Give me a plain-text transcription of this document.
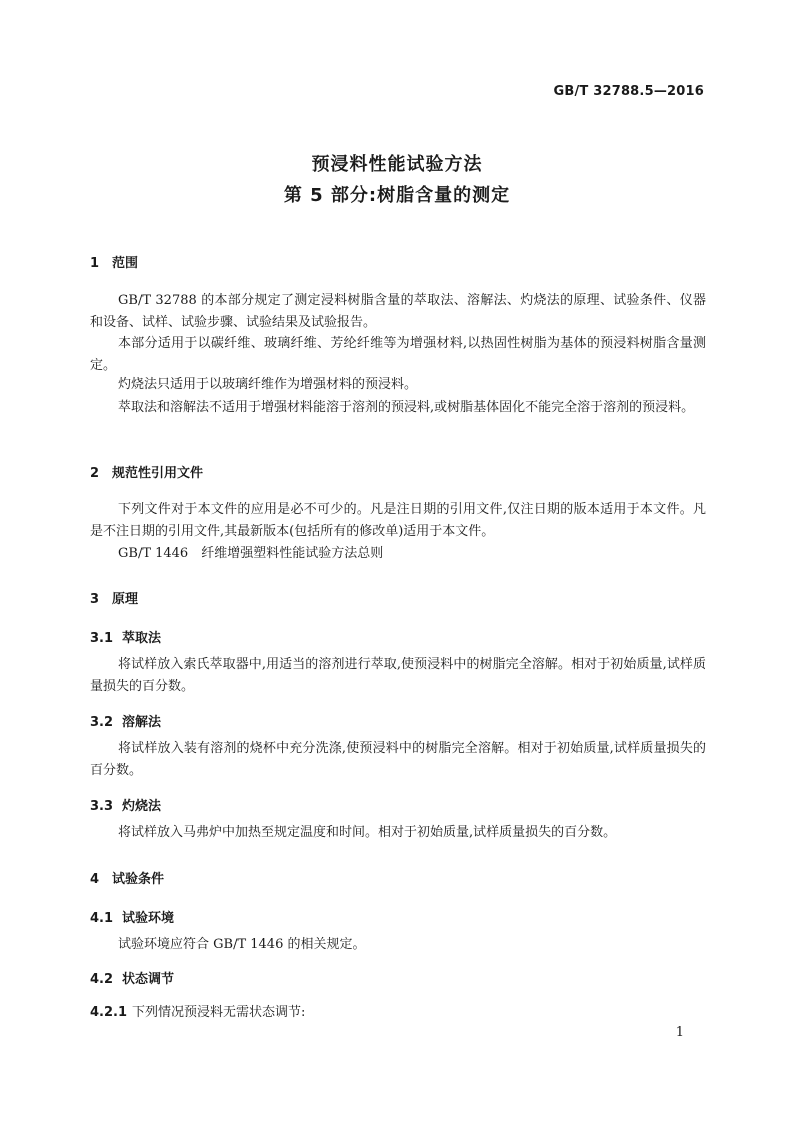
GB/T 32788.5—2016
预浸料性能试验方法
第 5 部分:树脂含量的测定
1 范围
GB/T 32788 的本部分规定了测定浸料树脂含量的萃取法、溶解法、灼烧法的原理、试验条件、仪器和设备、试样、试验步骤、试验结果及试验报告。
本部分适用于以碳纤维、玻璃纤维、芳纶纤维等为增强材料,以热固性树脂为基体的预浸料树脂含量测定。
灼烧法只适用于以玻璃纤维作为增强材料的预浸料。
萃取法和溶解法不适用于增强材料能溶于溶剂的预浸料,或树脂基体固化不能完全溶于溶剂的预浸料。
2 规范性引用文件
下列文件对于本文件的应用是必不可少的。凡是注日期的引用文件,仅注日期的版本适用于本文件。凡是不注日期的引用文件,其最新版本(包括所有的修改单)适用于本文件。
GB/T 1446　纤维增强塑料性能试验方法总则
3 原理
3.1 萃取法
将试样放入索氏萃取器中,用适当的溶剂进行萃取,使预浸料中的树脂完全溶解。相对于初始质量,试样质量损失的百分数。
3.2 溶解法
将试样放入装有溶剂的烧杯中充分洗涤,使预浸料中的树脂完全溶解。相对于初始质量,试样质量损失的百分数。
3.3 灼烧法
将试样放入马弗炉中加热至规定温度和时间。相对于初始质量,试样质量损失的百分数。
4 试验条件
4.1 试验环境
试验环境应符合 GB/T 1446 的相关规定。
4.2 状态调节
4.2.1 下列情况预浸料无需状态调节:
1
